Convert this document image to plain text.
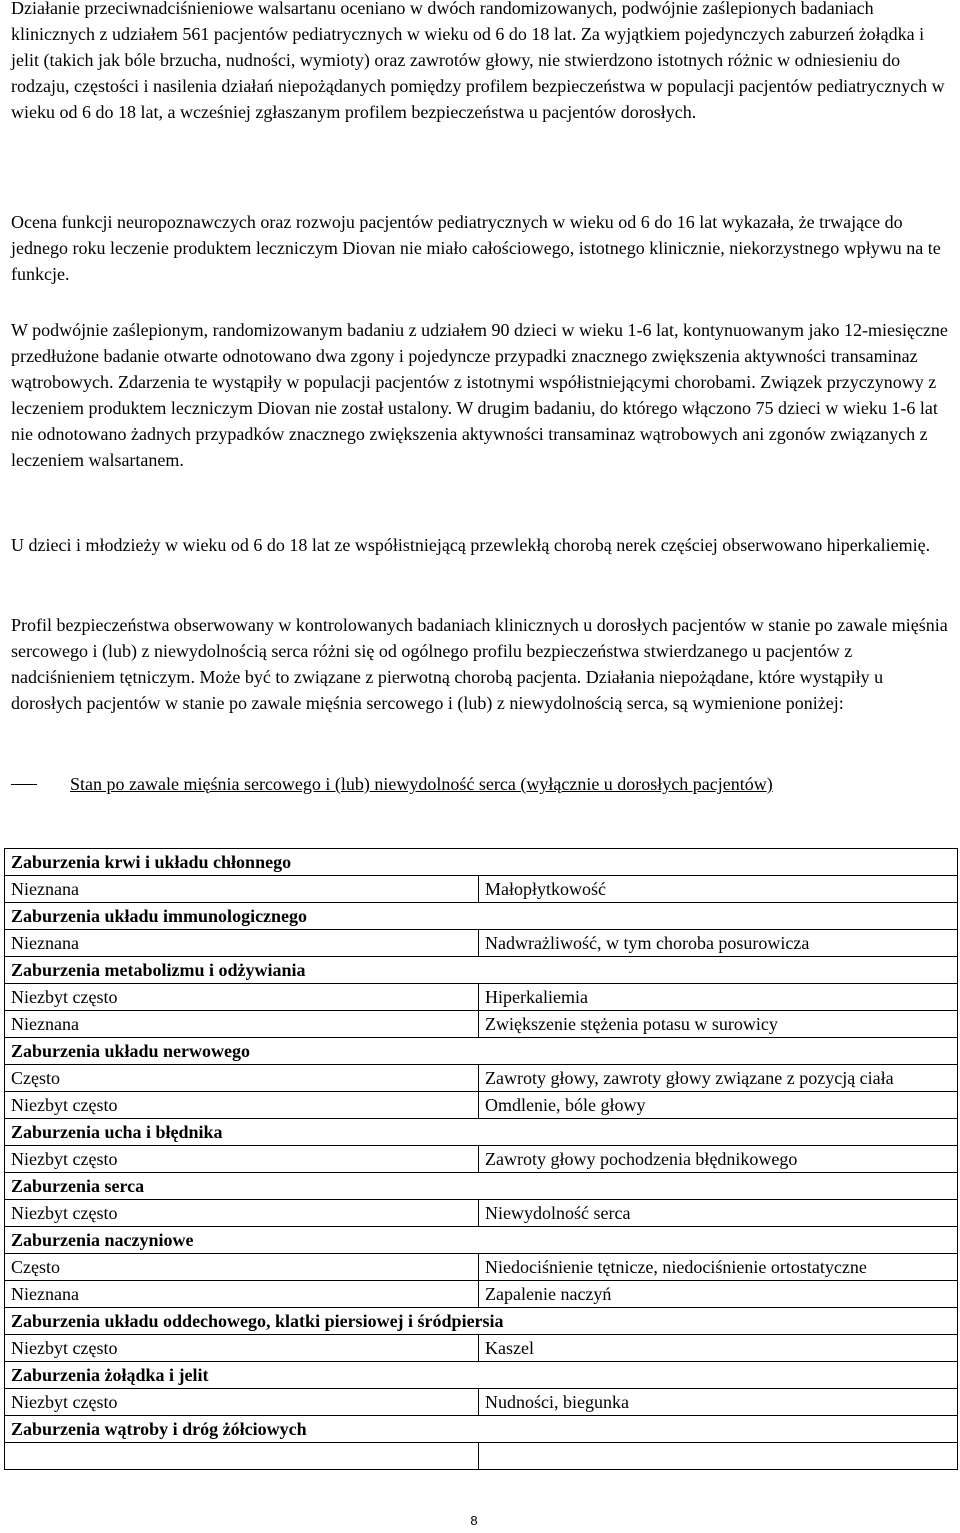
Działanie przeciwnadciśnieniowe walsartanu oceniano w dwóch randomizowanych, podwójnie zaślepionych badaniach klinicznych z udziałem 561 pacjentów pediatrycznych w wieku od 6 do 18 lat. Za wyjątkiem pojedynczych zaburzeń żołądka i jelit (takich jak bóle brzucha, nudności, wymioty) oraz zawrotów głowy, nie stwierdzono istotnych różnic w odniesieniu do rodzaju, częstości i nasilenia działań niepożądanych pomiędzy profilem bezpieczeństwa w populacji pacjentów pediatrycznych w wieku od 6 do 18 lat, a wcześniej zgłaszanym profilem bezpieczeństwa u pacjentów dorosłych.

Ocena funkcji neuropoznawczych oraz rozwoju pacjentów pediatrycznych w wieku od 6 do 16 lat wykazała, że trwające do jednego roku leczenie produktem leczniczym Diovan nie miało całościowego, istotnego klinicznie, niekorzystnego wpływu na te funkcje.

W podwójnie zaślepionym, randomizowanym badaniu z udziałem 90 dzieci w wieku 1-6 lat, kontynuowanym jako 12-miesięczne przedłużone badanie otwarte odnotowano dwa zgony i pojedyncze przypadki znacznego zwiększenia aktywności transaminaz wątrobowych. Zdarzenia te wystąpiły w populacji pacjentów z istotnymi współistniejącymi chorobami. Związek przyczynowy z leczeniem produktem leczniczym Diovan nie został ustalony. W drugim badaniu, do którego włączono 75 dzieci w wieku 1-6 lat nie odnotowano żadnych przypadków znacznego zwiększenia aktywności transaminaz wątrobowych ani zgonów związanych z leczeniem walsartanem.

U dzieci i młodzieży w wieku od 6 do 18 lat ze współistniejącą przewlekłą chorobą nerek częściej obserwowano hiperkaliemię.

Profil bezpieczeństwa obserwowany w kontrolowanych badaniach klinicznych u dorosłych pacjentów w stanie po zawale mięśnia sercowego i (lub) z niewydolnością serca różni się od ogólnego profilu bezpieczeństwa stwierdzanego u pacjentów z nadciśnieniem tętniczym. Może być to związane z pierwotną chorobą pacjenta. Działania niepożądane, które wystąpiły u dorosłych pacjentów w stanie po zawale mięśnia sercowego i (lub) z niewydolnością serca, są wymienione poniżej:

Stan po zawale mięśnia sercowego i (lub) niewydolność serca (wyłącznie u dorosłych pacjentów)
Zaburzenia krwi i układu chłonnego	
Nieznana	Małopłytkowość
Zaburzenia układu immunologicznego	
Nieznana	Nadwrażliwość, w tym choroba posurowicza
Zaburzenia metabolizmu i odżywiania	
Niezbyt często	Hiperkaliemia
Nieznana	Zwiększenie stężenia potasu w surowicy
Zaburzenia układu nerwowego	
Często	Zawroty głowy, zawroty głowy związane z pozycją ciała
Niezbyt często	Omdlenie, bóle głowy
Zaburzenia ucha i błędnika	
Niezbyt często	Zawroty głowy pochodzenia błędnikowego
Zaburzenia serca	
Niezbyt często	Niewydolność serca
Zaburzenia naczyniowe	
Często	Niedociśnienie tętnicze, niedociśnienie ortostatyczne
Nieznana	Zapalenie naczyń
Zaburzenia układu oddechowego, klatki piersiowej i śródpiersia	
Niezbyt często	Kaszel
Zaburzenia żołądka i jelit	
Niezbyt często	Nudności, biegunka
Zaburzenia wątroby i dróg żółciowych	

8
